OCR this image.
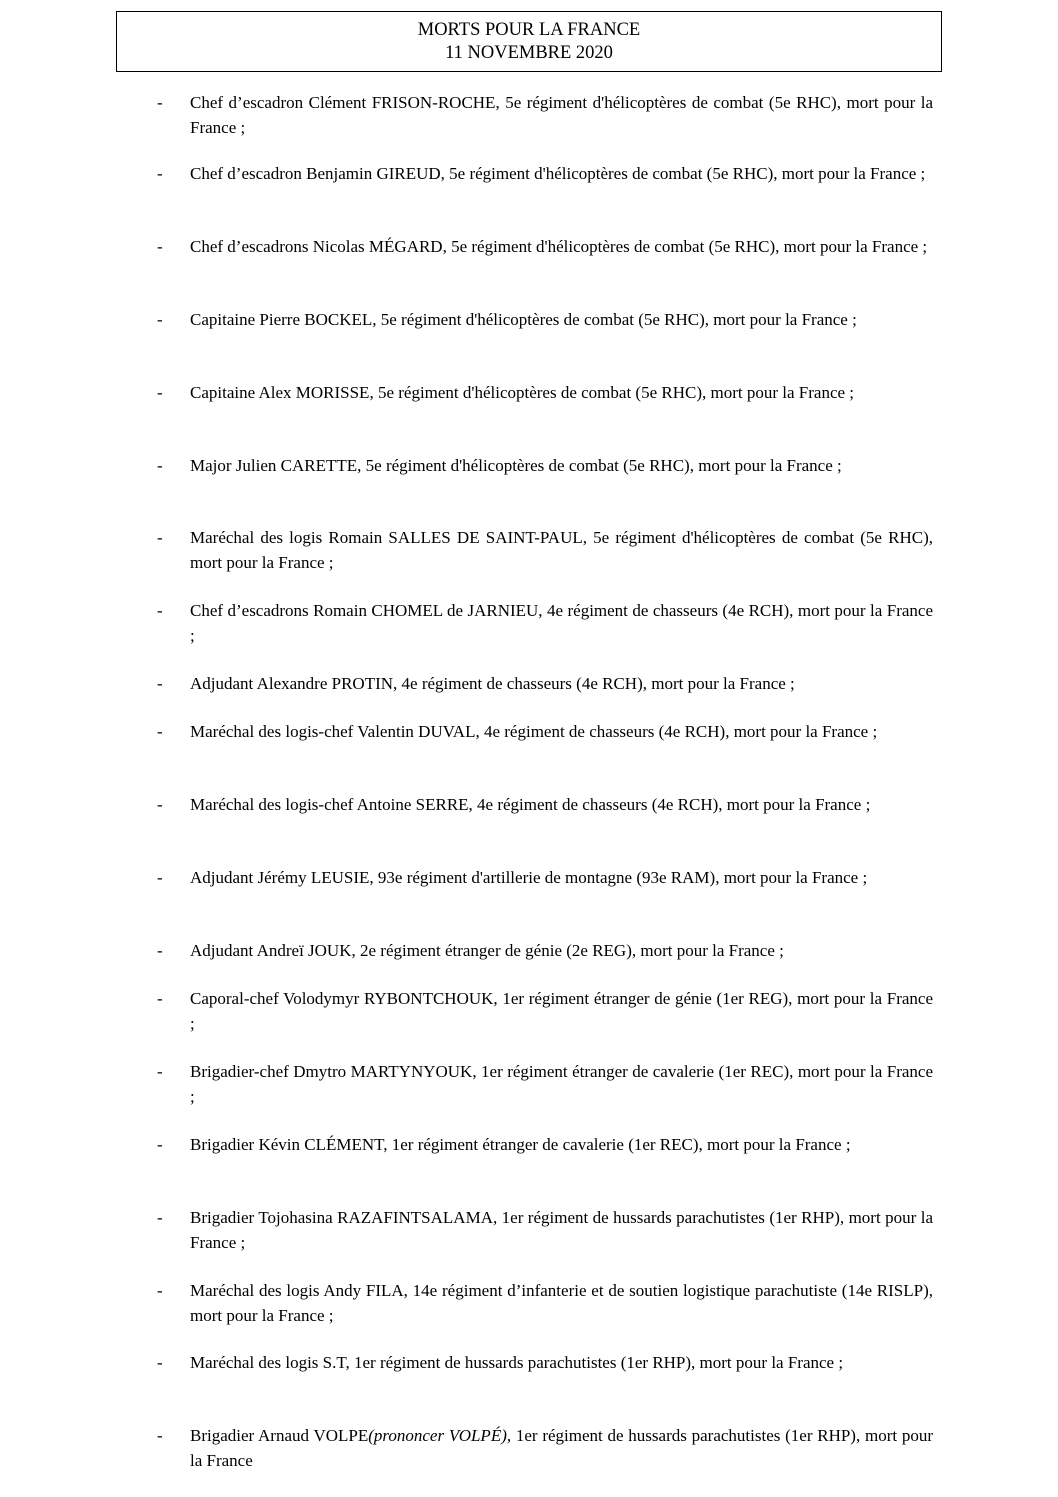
MORTS POUR LA FRANCE
11 NOVEMBRE 2020
- Chef d’escadron Clément FRISON-ROCHE, 5e régiment d'hélicoptères de combat (5e RHC), mort pour la France ;
- Chef d’escadron Benjamin GIREUD, 5e régiment d'hélicoptères de combat (5e RHC), mort pour la France ;
- Chef d’escadrons Nicolas MÉGARD, 5e régiment d'hélicoptères de combat (5e RHC), mort pour la France ;
- Capitaine Pierre BOCKEL, 5e régiment d'hélicoptères de combat (5e RHC), mort pour la France ;
- Capitaine Alex MORISSE, 5e régiment d'hélicoptères de combat (5e RHC), mort pour la France ;
- Major Julien CARETTE, 5e régiment d'hélicoptères de combat (5e RHC), mort pour la France ;
- Maréchal des logis Romain SALLES DE SAINT-PAUL, 5e régiment d'hélicoptères de combat (5e RHC), mort pour la France ;
- Chef d’escadrons Romain CHOMEL de JARNIEU, 4e régiment de chasseurs (4e RCH), mort pour la France ;
- Adjudant Alexandre PROTIN, 4e régiment de chasseurs (4e RCH), mort pour la France ;
- Maréchal des logis-chef Valentin DUVAL, 4e régiment de chasseurs (4e RCH), mort pour la France ;
- Maréchal des logis-chef Antoine SERRE, 4e régiment de chasseurs (4e RCH), mort pour la France ;
- Adjudant Jérémy LEUSIE, 93e régiment d'artillerie de montagne (93e RAM), mort pour la France ;
- Adjudant Andreï JOUK, 2e régiment étranger de génie (2e REG), mort pour la France ;
- Caporal-chef Volodymyr RYBONTCHOUK, 1er régiment étranger de génie (1er REG), mort pour la France ;
- Brigadier-chef Dmytro MARTYNYOUK, 1er régiment étranger de cavalerie (1er REC), mort pour la France ;
- Brigadier Kévin CLÉMENT, 1er régiment étranger de cavalerie (1er REC), mort pour la France ;
- Brigadier Tojohasina RAZAFINTSALAMA, 1er régiment de hussards parachutistes (1er RHP), mort pour la France ;
- Maréchal des logis Andy FILA, 14e régiment d’infanterie et de soutien logistique parachutiste (14e RISLP), mort pour la France ;
- Maréchal des logis S.T, 1er régiment de hussards parachutistes (1er RHP), mort pour la France ;
- Brigadier Arnaud VOLPE(prononcer VOLPÉ), 1er régiment de hussards parachutistes (1er RHP), mort pour la France
